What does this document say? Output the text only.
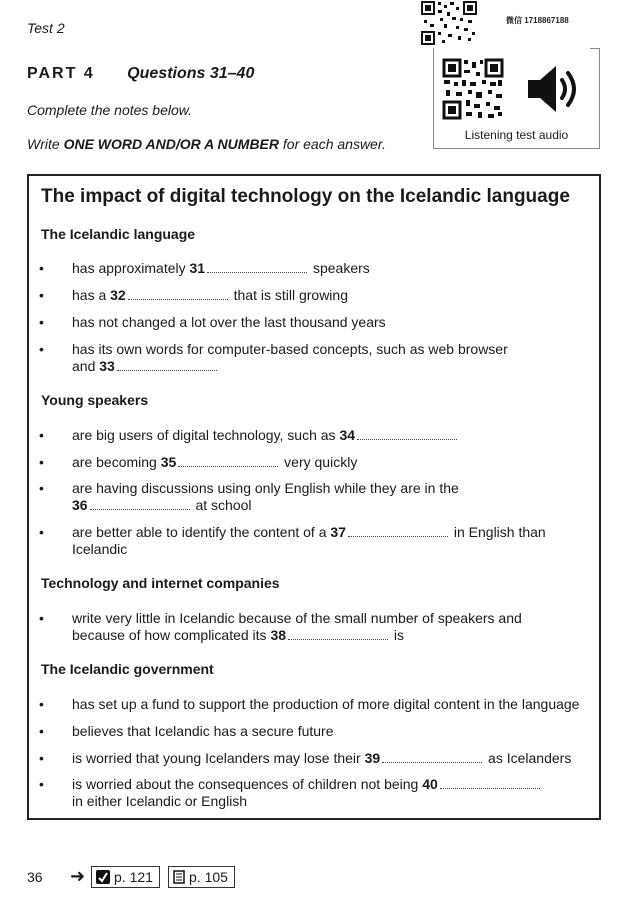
Test 2	微信 1718867188
PART 4 Questions 31–40
Complete the notes below.
Write ONE WORD AND/OR A NUMBER for each answer.
Listening test audio
The impact of digital technology on the Icelandic language
The Icelandic language
• has approximately 31	speakers
• has a 32	that is still growing
• has not changed a lot over the last thousand years
• has its own words for computer-based concepts, such as web browser
and 33
Young speakers
• are big users of digital technology, such as 34
• are becoming 35	very quickly
• are having discussions using only English while they are in the
36	at school
• are better able to identify the content of a 37	in English than
Icelandic
Technology and internet companies
• write very little in Icelandic because of the small number of speakers and
because of how complicated its 38	is
The Icelandic government
• has set up a fund to support the production of more digital content in the language
• believes that Icelandic has a secure future
• is worried that young Icelanders may lose their 39	as Icelanders
• is worried about the consequences of children not being 40
in either Icelandic or English
36 ➜	p. 121	p. 105
